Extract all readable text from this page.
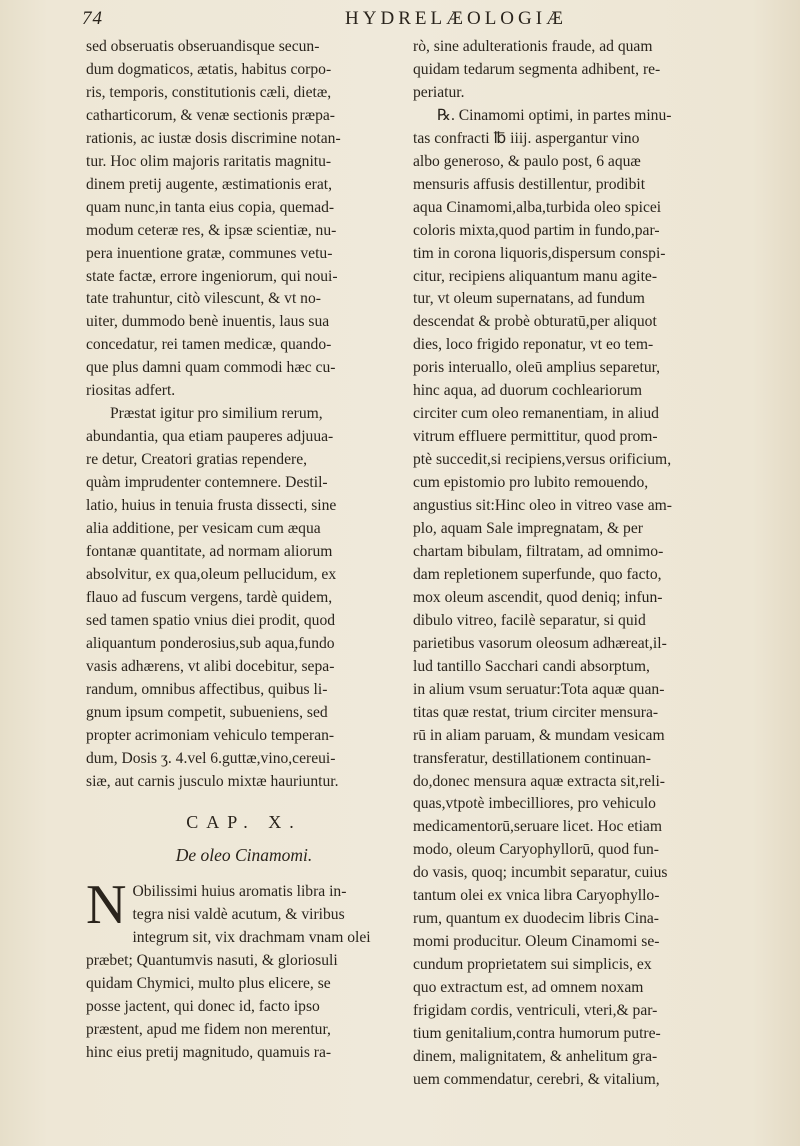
74	HYDRELÆOLOGIÆ
sed obseruatis obseruandisque secun-
dum dogmaticos, ætatis, habitus corpo-
ris, temporis, constitutionis cæli, dietæ,
catharticorum, & venæ sectionis præpa-
rationis, ac iustæ dosis discrimine notan-
tur. Hoc olim majoris raritatis magnitu-
dinem pretij augente, æstimationis erat,
quam nunc,in tanta eius copia, quemad-
modum ceteræ res, & ipsæ scientiæ, nu-
pera inuentione gratæ, communes vetu-
state factæ, errore ingeniorum, qui noui-
tate trahuntur, citò vilescunt, & vt no-
uiter, dummodo benè inuentis, laus sua
concedatur, rei tamen medicæ, quando-
que plus damni quam commodi hæc cu-
riositas adfert.
Præstat igitur pro similium rerum,
abundantia, qua etiam pauperes adjuua-
re detur, Creatori gratias rependere,
quàm imprudenter contemnere. Destil-
latio, huius in tenuia frusta dissecti, sine
alia additione, per vesicam cum æqua
fontanæ quantitate, ad normam aliorum
absolvitur, ex qua,oleum pellucidum, ex
flauo ad fuscum vergens, tardè quidem,
sed tamen spatio vnius diei prodit, quod
aliquantum ponderosius,sub aqua,fundo
vasis adhærens, vt alibi docebitur, sepa-
randum, omnibus affectibus, quibus li-
gnum ipsum competit, subueniens, sed
propter acrimoniam vehiculo temperan-
dum, Dosis ʒ. 4.vel 6.guttæ,vino,cereui-
siæ, aut carnis jusculo mixtæ hauriuntur.
CAP. X.
De oleo Cinamomi.
N Obilissimi huius aromatis libra in-
tegra nisi valdè acutum, & viribus
integrum sit, vix drachmam vnam olei
præbet; Quantumvis nasuti, & gloriosuli
quidam Chymici, multo plus elicere, se
posse jactent, qui donec id, facto ipso
præstent, apud me fidem non merentur,
hinc eius pretij magnitudo, quamuis ra-
rò, sine adulterationis fraude, ad quam
quidam tedarum segmenta adhibent, re-
periatur.
℞. Cinamomi optimi, in partes minu-
tas confracti ℔ iiij. aspergantur vino
albo generoso, & paulo post, 6 aquæ
mensuris affusis destillentur, prodibit
aqua Cinamomi,alba,turbida oleo spicei
coloris mixta,quod partim in fundo,par-
tim in corona liquoris,dispersum conspi-
citur, recipiens aliquantum manu agite-
tur, vt oleum supernatans, ad fundum
descendat & probè obturatū,per aliquot
dies, loco frigido reponatur, vt eo tem-
poris interuallo, oleū amplius separetur,
hinc aqua, ad duorum cochleariorum
circiter cum oleo remanentiam, in aliud
vitrum effluere permittitur, quod prom-
ptè succedit,si recipiens,versus orificium,
cum epistomio pro lubito remouendo,
angustius sit:Hinc oleo in vitreo vase am-
plo, aquam Sale impregnatam, & per
chartam bibulam, filtratam, ad omnimo-
dam repletionem superfunde, quo facto,
mox oleum ascendit, quod deniq; infun-
dibulo vitreo, facilè separatur, si quid
parietibus vasorum oleosum adhæreat,il-
lud tantillo Sacchari candi absorptum,
in alium vsum seruatur:Tota aquæ quan-
titas quæ restat, trium circiter mensura-
rū in aliam paruam, & mundam vesicam
transferatur, destillationem continuan-
do,donec mensura aquæ extracta sit,reli-
quas,vtpotè imbecilliores, pro vehiculo
medicamentorū,seruare licet. Hoc etiam
modo, oleum Caryophyllorū, quod fun-
do vasis, quoq; incumbit separatur, cuius
tantum olei ex vnica libra Caryophyllo-
rum, quantum ex duodecim libris Cina-
momi producitur. Oleum Cinamomi se-
cundum proprietatem sui simplicis, ex
quo extractum est, ad omnem noxam
frigidam cordis, ventriculi, vteri,& par-
tium genitalium,contra humorum putre-
dinem, malignitatem, & anhelitum gra-
uem commendatur, cerebri, & vitalium,
